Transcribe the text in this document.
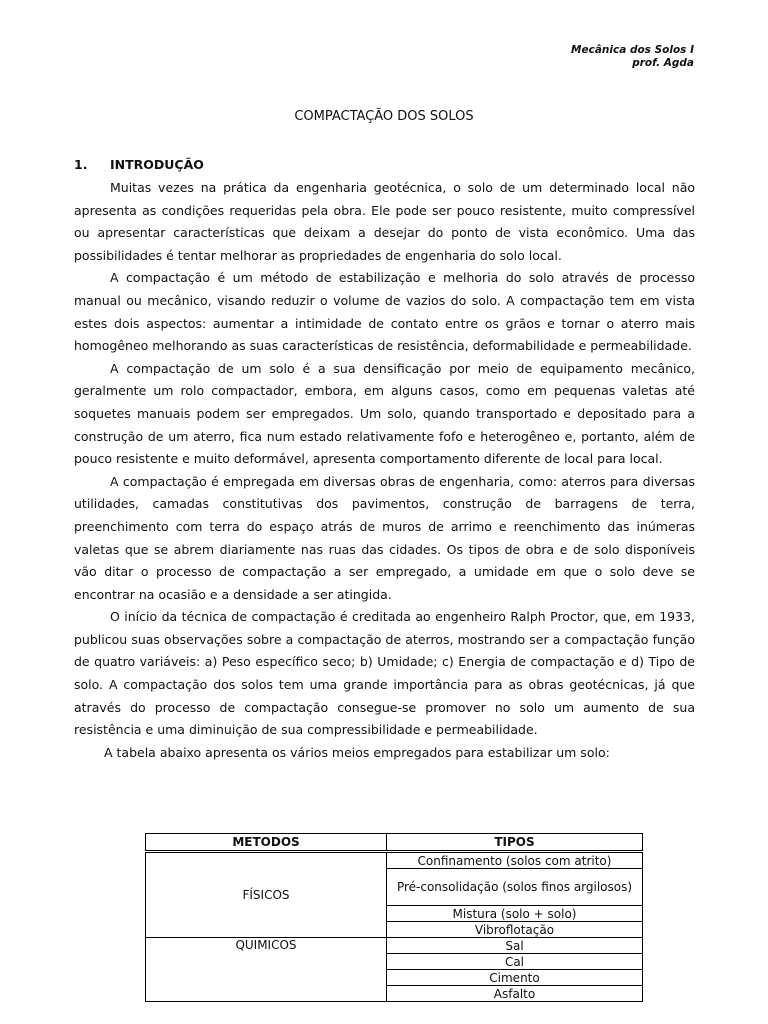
Mecânica dos Solos I
prof. Agda
COMPACTAÇÃO DOS SOLOS
1. INTRODUÇÃO

Muitas vezes na prática da engenharia geotécnica, o solo de um determinado local não apresenta as condições requeridas pela obra. Ele pode ser pouco resistente, muito compressível ou apresentar características que deixam a desejar do ponto de vista econômico. Uma das possibilidades é tentar melhorar as propriedades de engenharia do solo local.

A compactação é um método de estabilização e melhoria do solo através de processo manual ou mecânico, visando reduzir o volume de vazios do solo. A compactação tem em vista estes dois aspectos: aumentar a intimidade de contato entre os grãos e tornar o aterro mais homogêneo melhorando as suas características de resistência, deformabilidade e permeabilidade.

A compactação de um solo é a sua densificação por meio de equipamento mecânico, geralmente um rolo compactador, embora, em alguns casos, como em pequenas valetas até soquetes manuais podem ser empregados. Um solo, quando transportado e depositado para a construção de um aterro, fica num estado relativamente fofo e heterogêneo e, portanto, além de pouco resistente e muito deformável, apresenta comportamento diferente de local para local.

A compactação é empregada em diversas obras de engenharia, como: aterros para diversas utilidades, camadas constitutivas dos pavimentos, construção de barragens de terra, preenchimento com terra do espaço atrás de muros de arrimo e reenchimento das inúmeras valetas que se abrem diariamente nas ruas das cidades. Os tipos de obra e de solo disponíveis vão ditar o processo de compactação a ser empregado, a umidade em que o solo deve se encontrar na ocasião e a densidade a ser atingida.

O início da técnica de compactação é creditada ao engenheiro Ralph Proctor, que, em 1933, publicou suas observações sobre a compactação de aterros, mostrando ser a compactação função de quatro variáveis: a) Peso específico seco; b) Umidade; c) Energia de compactação e d) Tipo de solo. A compactação dos solos tem uma grande importância para as obras geotécnicas, já que através do processo de compactação consegue-se promover no solo um aumento de sua resistência e uma diminuição de sua compressibilidade e permeabilidade.

A tabela abaixo apresenta os vários meios empregados para estabilizar um solo:

METODOS	TIPOS
FÍSICOS	Confinamento (solos com atrito)
	Pré-consolidação (solos finos argilosos)
	Mistura (solo + solo)
	Vibroflotação
QUIMICOS	Sal
	Cal
	Cimento
	Asfalto
